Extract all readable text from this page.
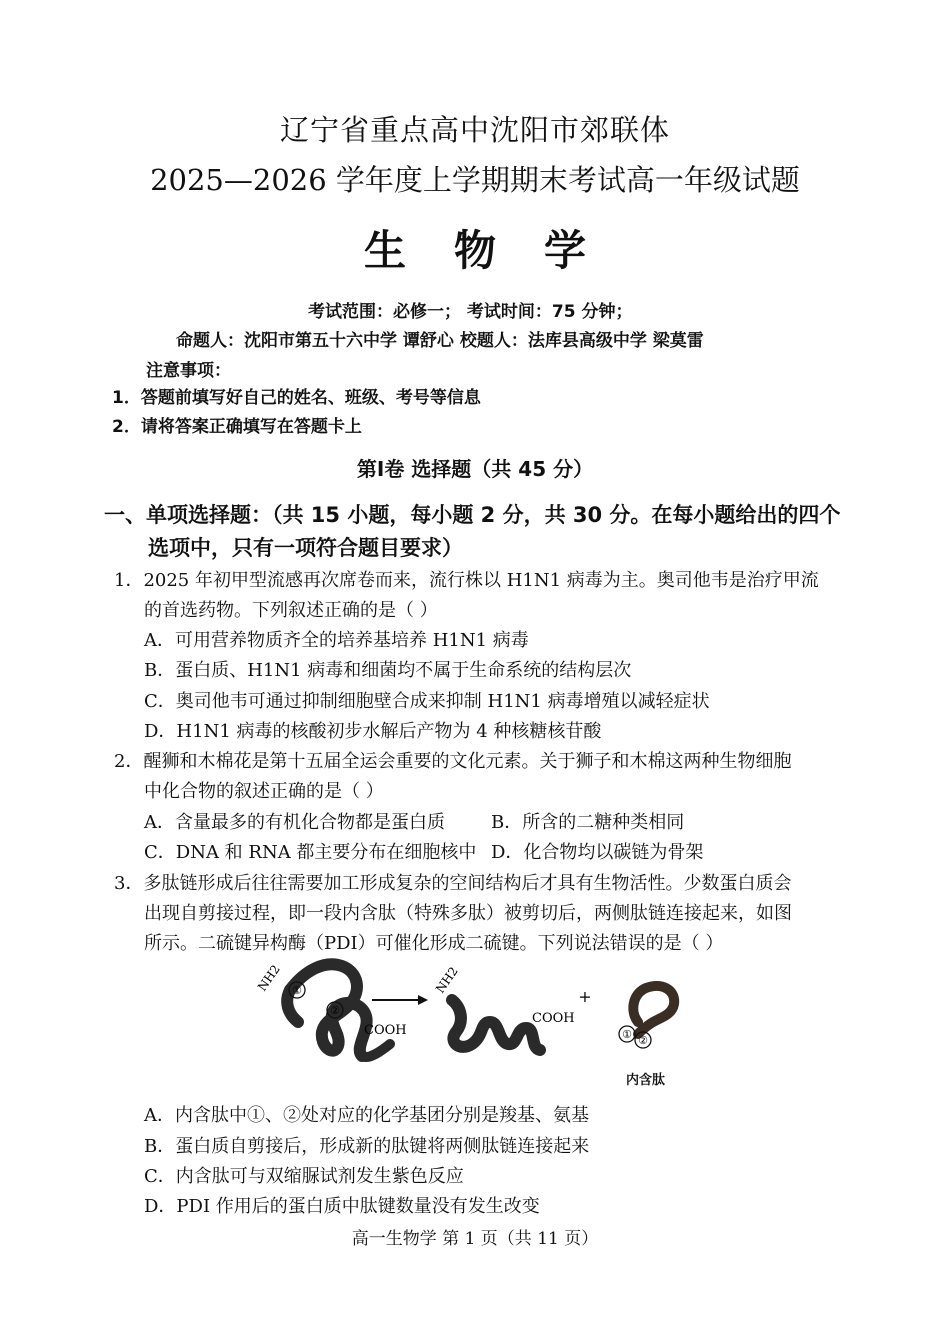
辽宁省重点高中沈阳市郊联体
2025—2026 学年度上学期期末考试高一年级试题
生物学
考试范围：必修一； 考试时间：75 分钟；
命题人：沈阳市第五十六中学 谭舒心 校题人：法库县高级中学 梁莫雷
注意事项：
1．答题前填写好自己的姓名、班级、考号等信息
2．请将答案正确填写在答题卡上
第Ⅰ卷 选择题（共 45 分）
一、单项选择题：（共 15 小题，每小题 2 分，共 30 分。在每小题给出的四个
选项中，只有一项符合题目要求）
1．2025 年初甲型流感再次席卷而来，流行株以 H1N1 病毒为主。奥司他韦是治疗甲流
的首选药物。下列叙述正确的是（ ）
A．可用营养物质齐全的培养基培养 H1N1 病毒
B．蛋白质、H1N1 病毒和细菌均不属于生命系统的结构层次
C．奥司他韦可通过抑制细胞壁合成来抑制 H1N1 病毒增殖以减轻症状
D．H1N1 病毒的核酸初步水解后产物为 4 种核糖核苷酸
2．醒狮和木棉花是第十五届全运会重要的文化元素。关于狮子和木棉这两种生物细胞
中化合物的叙述正确的是（ ）
A．含量最多的有机化合物都是蛋白质	B．所含的二糖种类相同
C．DNA 和 RNA 都主要分布在细胞核中 D．化合物均以碳链为骨架
3．多肽链形成后往往需要加工形成复杂的空间结构后才具有生物活性。少数蛋白质会
出现自剪接过程，即一段内含肽（特殊多肽）被剪切后，两侧肽链连接起来，如图
所示。二硫键异构酶（PDI）可催化形成二硫键。下列说法错误的是（ ）
NH2 ①
②
COOH
NH2
COOH
+
① ②
内含肽
A．内含肽中①、②处对应的化学基团分别是羧基、氨基
B．蛋白质自剪接后，形成新的肽键将两侧肽链连接起来
C．内含肽可与双缩脲试剂发生紫色反应
D．PDI 作用后的蛋白质中肽键数量没有发生改变
高一生物学 第 1 页（共 11 页）
